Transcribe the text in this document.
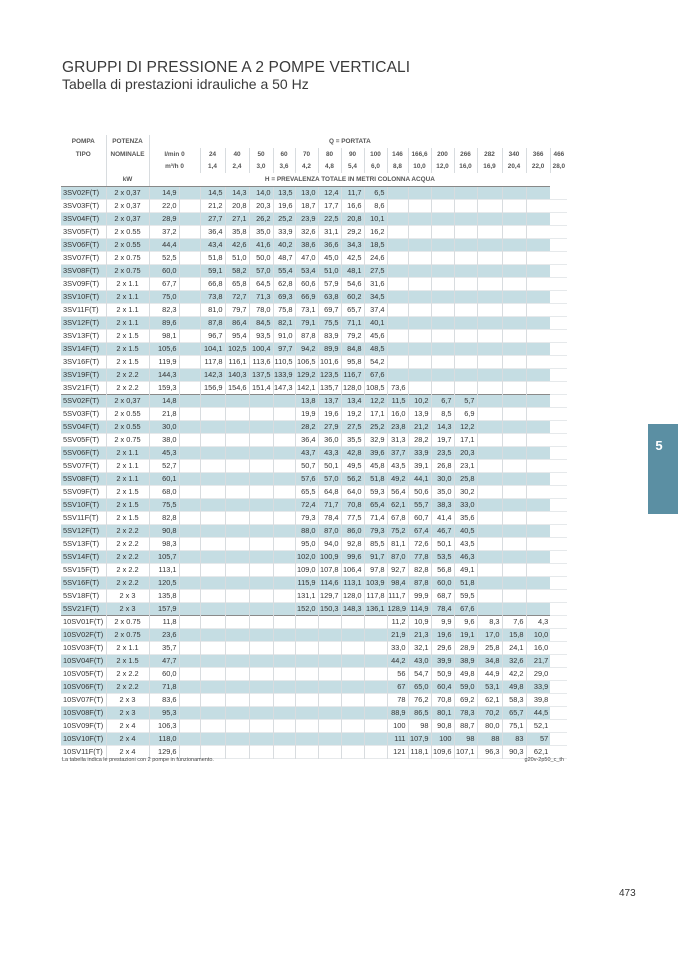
GRUPPI DI PRESSIONE A 2 POMPE VERTICALI
Tabella di prestazioni idrauliche a 50 Hz
POMPA	POTENZA	Q = PORTATA																	
TIPO	NOMINALE	l/min 0		24	40	50	60	70	80	90	100	146	166,6	200	266	282	340	366	466
		m³/h 0		1,4	2,4	3,0	3,6	4,2	4,8	5,4	6,0	8,8	10,0	12,0	16,0	16,9	20,4	22,0	28,0
	kW	H = PREVALENZA TOTALE IN METRI COLONNA ACQUA																	
3SV02F(T)	2 x 0,37	14,9		14,5	14,3	14,0	13,5	13,0	12,4	11,7	6,5								
3SV03F(T)	2 x 0,37	22,0		21,2	20,8	20,3	19,6	18,7	17,7	16,6	8,6								
3SV04F(T)	2 x 0,37	28,9		27,7	27,1	26,2	25,2	23,9	22,5	20,8	10,1								
3SV05F(T)	2 x 0.55	37,2		36,4	35,8	35,0	33,9	32,6	31,1	29,2	16,2								
3SV06F(T)	2 x 0.55	44,4		43,4	42,6	41,6	40,2	38,6	36,6	34,3	18,5								
3SV07F(T)	2 x 0.75	52,5		51,8	51,0	50,0	48,7	47,0	45,0	42,5	24,6								
3SV08F(T)	2 x 0.75	60,0		59,1	58,2	57,0	55,4	53,4	51,0	48,1	27,5								
3SV09F(T)	2 x 1.1	67,7		66,8	65,8	64,5	62,8	60,6	57,9	54,6	31,6								
3SV10F(T)	2 x 1.1	75,0		73,8	72,7	71,3	69,3	66,9	63,8	60,2	34,5								
3SV11F(T)	2 x 1.1	82,3		81,0	79,7	78,0	75,8	73,1	69,7	65,7	37,4								
3SV12F(T)	2 x 1.1	89,6		87,8	86,4	84,5	82,1	79,1	75,5	71,1	40,1								
3SV13F(T)	2 x 1.5	98,1		96,7	95,4	93,5	91,0	87,8	83,9	79,2	45,6								
3SV14F(T)	2 x 1.5	105,6		104,1	102,5	100,4	97,7	94,2	89,9	84,8	48,5								
3SV16F(T)	2 x 1.5	119,9		117,8	116,1	113,6	110,5	106,5	101,6	95,8	54,2								
3SV19F(T)	2 x 2.2	144,3		142,3	140,3	137,5	133,9	129,2	123,5	116,7	67,6								
3SV21F(T)	2 x 2.2	159,3		156,9	154,6	151,4	147,3	142,1	135,7	128,0	108,5	73,6							
5SV02F(T)	2 x 0,37	14,8						13,8	13,7	13,4	12,2	11,5	10,2	6,7	5,7				
5SV03F(T)	2 x 0.55	21,8						19,9	19,6	19,2	17,1	16,0	13,9	8,5	6,9				
5SV04F(T)	2 x 0.55	30,0						28,2	27,9	27,5	25,2	23,8	21,2	14,3	12,2				
5SV05F(T)	2 x 0.75	38,0						36,4	36,0	35,5	32,9	31,3	28,2	19,7	17,1				
5SV06F(T)	2 x 1.1	45,3						43,7	43,3	42,8	39,6	37,7	33,9	23,5	20,3				
5SV07F(T)	2 x 1.1	52,7						50,7	50,1	49,5	45,8	43,5	39,1	26,8	23,1				
5SV08F(T)	2 x 1.1	60,1						57,6	57,0	56,2	51,8	49,2	44,1	30,0	25,8				
5SV09F(T)	2 x 1.5	68,0						65,5	64,8	64,0	59,3	56,4	50,6	35,0	30,2				
5SV10F(T)	2 x 1.5	75,5						72,4	71,7	70,8	65,4	62,1	55,7	38,3	33,0				
5SV11F(T)	2 x 1.5	82,8						79,3	78,4	77,5	71,4	67,8	60,7	41,4	35,6				
5SV12F(T)	2 x 2.2	90,8						88,0	87,0	86,0	79,3	75,2	67,4	46,7	40,5				
5SV13F(T)	2 x 2.2	98,3						95,0	94,0	92,8	85,5	81,1	72,6	50,1	43,5				
5SV14F(T)	2 x 2.2	105,7						102,0	100,9	99,6	91,7	87,0	77,8	53,5	46,3				
5SV15F(T)	2 x 2.2	113,1						109,0	107,8	106,4	97,8	92,7	82,8	56,8	49,1				
5SV16F(T)	2 x 2.2	120,5						115,9	114,6	113,1	103,9	98,4	87,8	60,0	51,8				
5SV18F(T)	2 x 3	135,8						131,1	129,7	128,0	117,8	111,7	99,9	68,7	59,5				
5SV21F(T)	2 x 3	157,9						152,0	150,3	148,3	136,1	128,9	114,9	78,4	67,6				
10SV01F(T)	2 x 0.75	11,8										11,2	10,9	9,9	9,6	8,3	7,6	4,3	
10SV02F(T)	2 x 0.75	23,6										21,9	21,3	19,6	19,1	17,0	15,8	10,0	
10SV03F(T)	2 x 1.1	35,7										33,0	32,1	29,6	28,9	25,8	24,1	16,0	
10SV04F(T)	2 x 1.5	47,7										44,2	43,0	39,9	38,9	34,8	32,6	21,7	
10SV05F(T)	2 x 2.2	60,0										56	54,7	50,9	49,8	44,9	42,2	29,0	
10SV06F(T)	2 x 2.2	71,8										67	65,0	60,4	59,0	53,1	49,8	33,9	
10SV07F(T)	2 x 3	83,6										78	76,2	70,8	69,2	62,1	58,3	39,8	
10SV08F(T)	2 x 3	95,3										88,9	86,5	80,1	78,3	70,2	65,7	44,5	
10SV09F(T)	2 x 4	106,3										100	98	90,8	88,7	80,0	75,1	52,1	
10SV10F(T)	2 x 4	118,0										111	107,9	100	98	88	83	57	
10SV11F(T)	2 x 4	129,6										121	118,1	109,6	107,1	96,3	90,3	62,1	
La tabella indica le prestazioni con 2 pompe in funzionamento.	g20v-2p50_c_th
5
473
